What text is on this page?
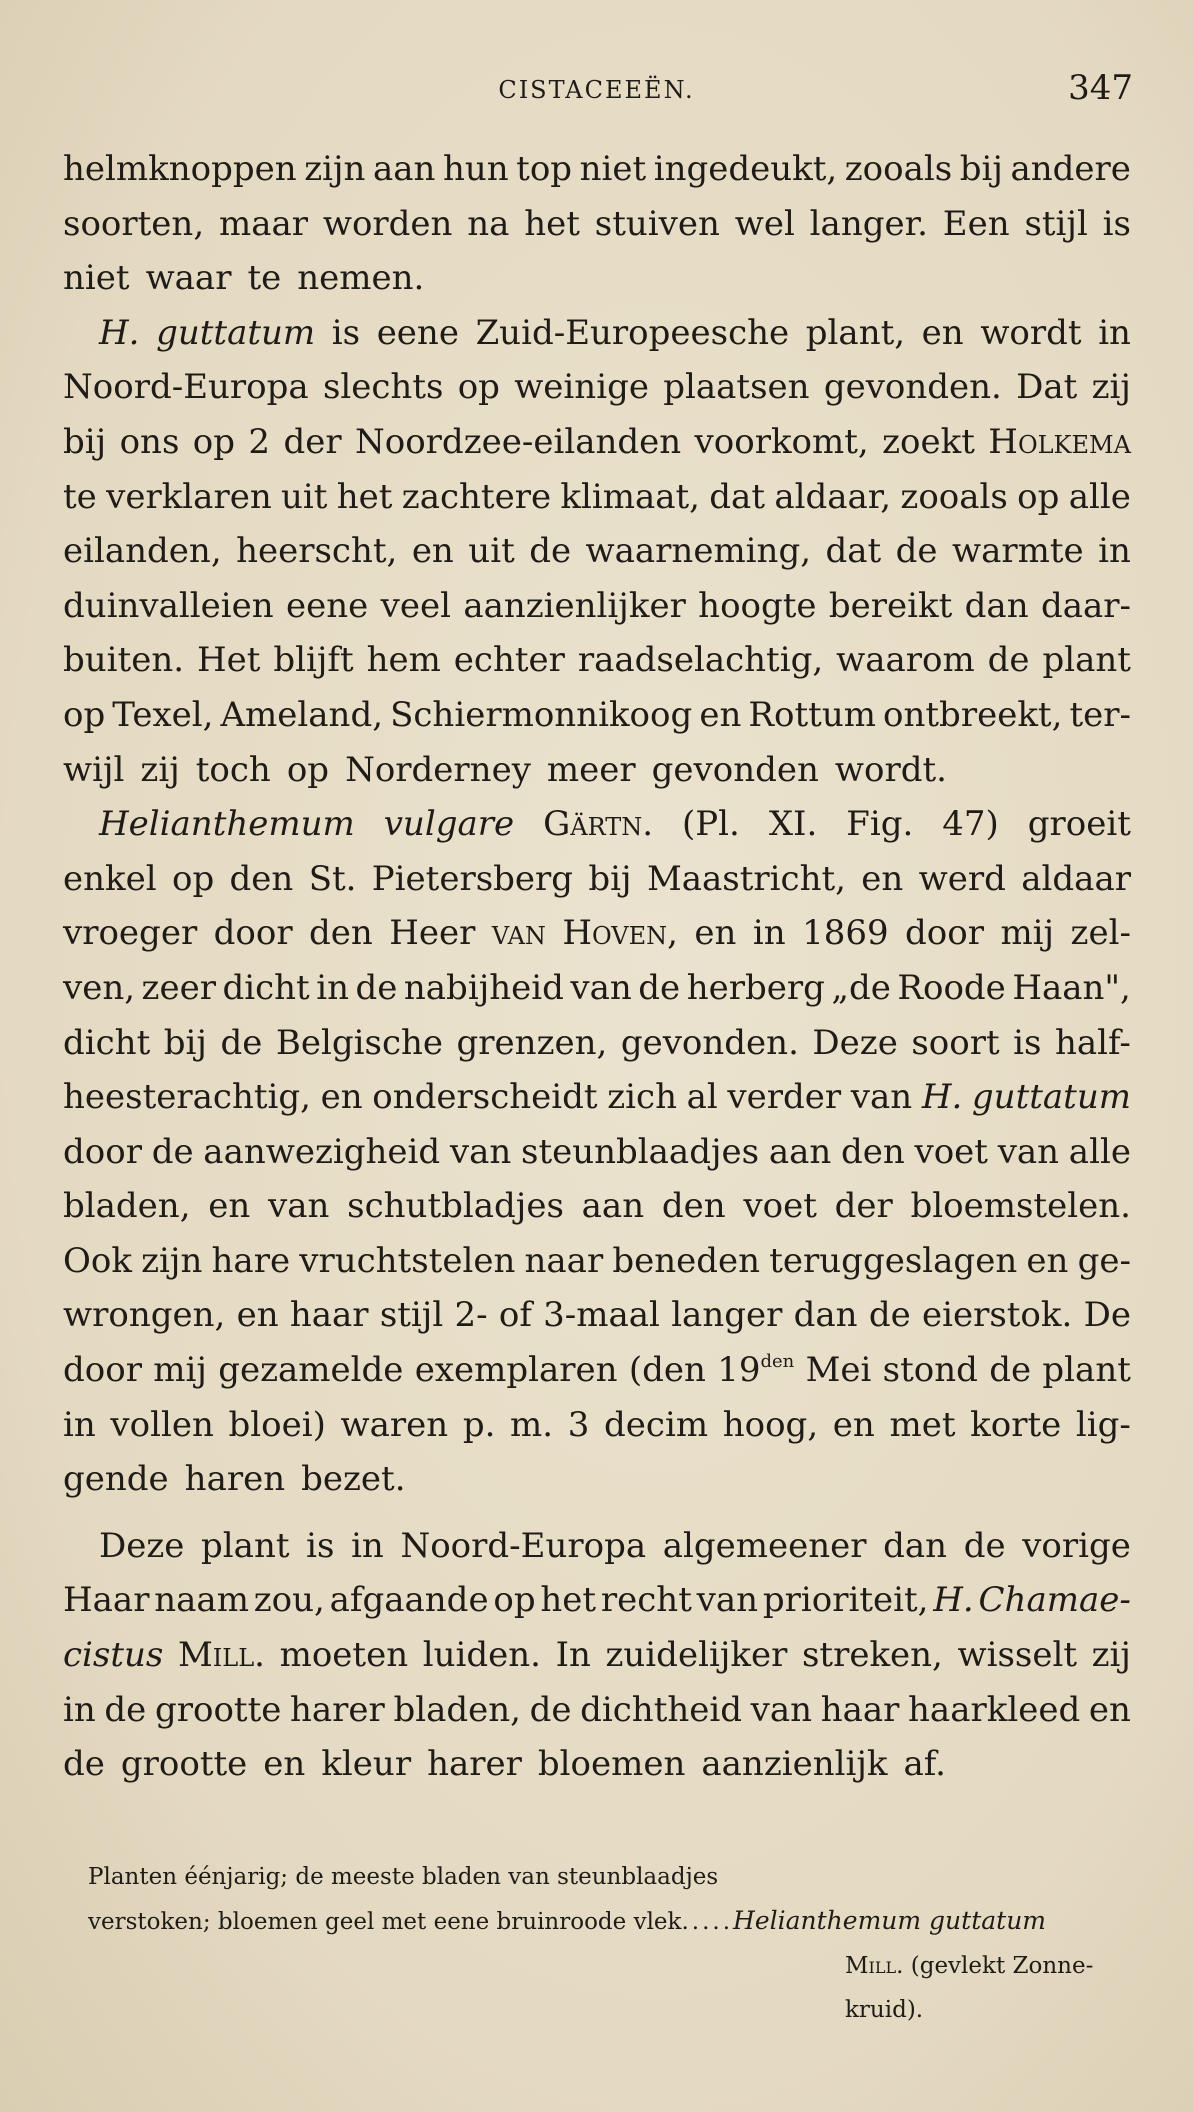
CISTACEEËN.	347
helmknoppen zijn aan hun top niet ingedeukt, zooals bij andere
soorten, maar worden na het stuiven wel langer. Een stijl is
niet waar te nemen.
H. guttatum is eene Zuid-Europeesche plant, en wordt in
Noord-Europa slechts op weinige plaatsen gevonden. Dat zij
bij ons op 2 der Noordzee-eilanden voorkomt, zoekt Holkema
te verklaren uit het zachtere klimaat, dat aldaar, zooals op alle
eilanden, heerscht, en uit de waarneming, dat de warmte in
duinvalleien eene veel aanzienlijker hoogte bereikt dan daar-
buiten. Het blijft hem echter raadselachtig, waarom de plant
op Texel, Ameland, Schiermonnikoog en Rottum ontbreekt, ter-
wijl zij toch op Norderney meer gevonden wordt.
Helianthemum vulgare Gärtn. (Pl. XI. Fig. 47) groeit
enkel op den St. Pietersberg bij Maastricht, en werd aldaar
vroeger door den Heer van Hoven, en in 1869 door mij zel-
ven, zeer dicht in de nabijheid van de herberg „de Roode Haan",
dicht bij de Belgische grenzen, gevonden. Deze soort is half-
heesterachtig, en onderscheidt zich al verder van H. guttatum
door de aanwezigheid van steunblaadjes aan den voet van alle
bladen, en van schutbladjes aan den voet der bloemstelen.
Ook zijn hare vruchtstelen naar beneden teruggeslagen en ge-
wrongen, en haar stijl 2- of 3-maal langer dan de eierstok. De
door mij gezamelde exemplaren (den $19^{den}$ Mei stond de plant
in vollen bloei) waren p. m. 3 decim hoog, en met korte lig-
gende haren bezet.
Deze plant is in Noord-Europa algemeener dan de vorige
Haar naam zou, afgaande op het recht van prioriteit, H. Chamae-
cistus Mill. moeten luiden. In zuidelijker streken, wisselt zij
in de grootte harer bladen, de dichtheid van haar haarkleed en
de grootte en kleur harer bloemen aanzienlijk af.
Planten éénjarig; de meeste bladen van steunblaadjes
verstoken; bloemen geel met eene bruinroode vlek.....Helianthemum guttatum
Mill. (gevlekt Zonne-
kruid).
